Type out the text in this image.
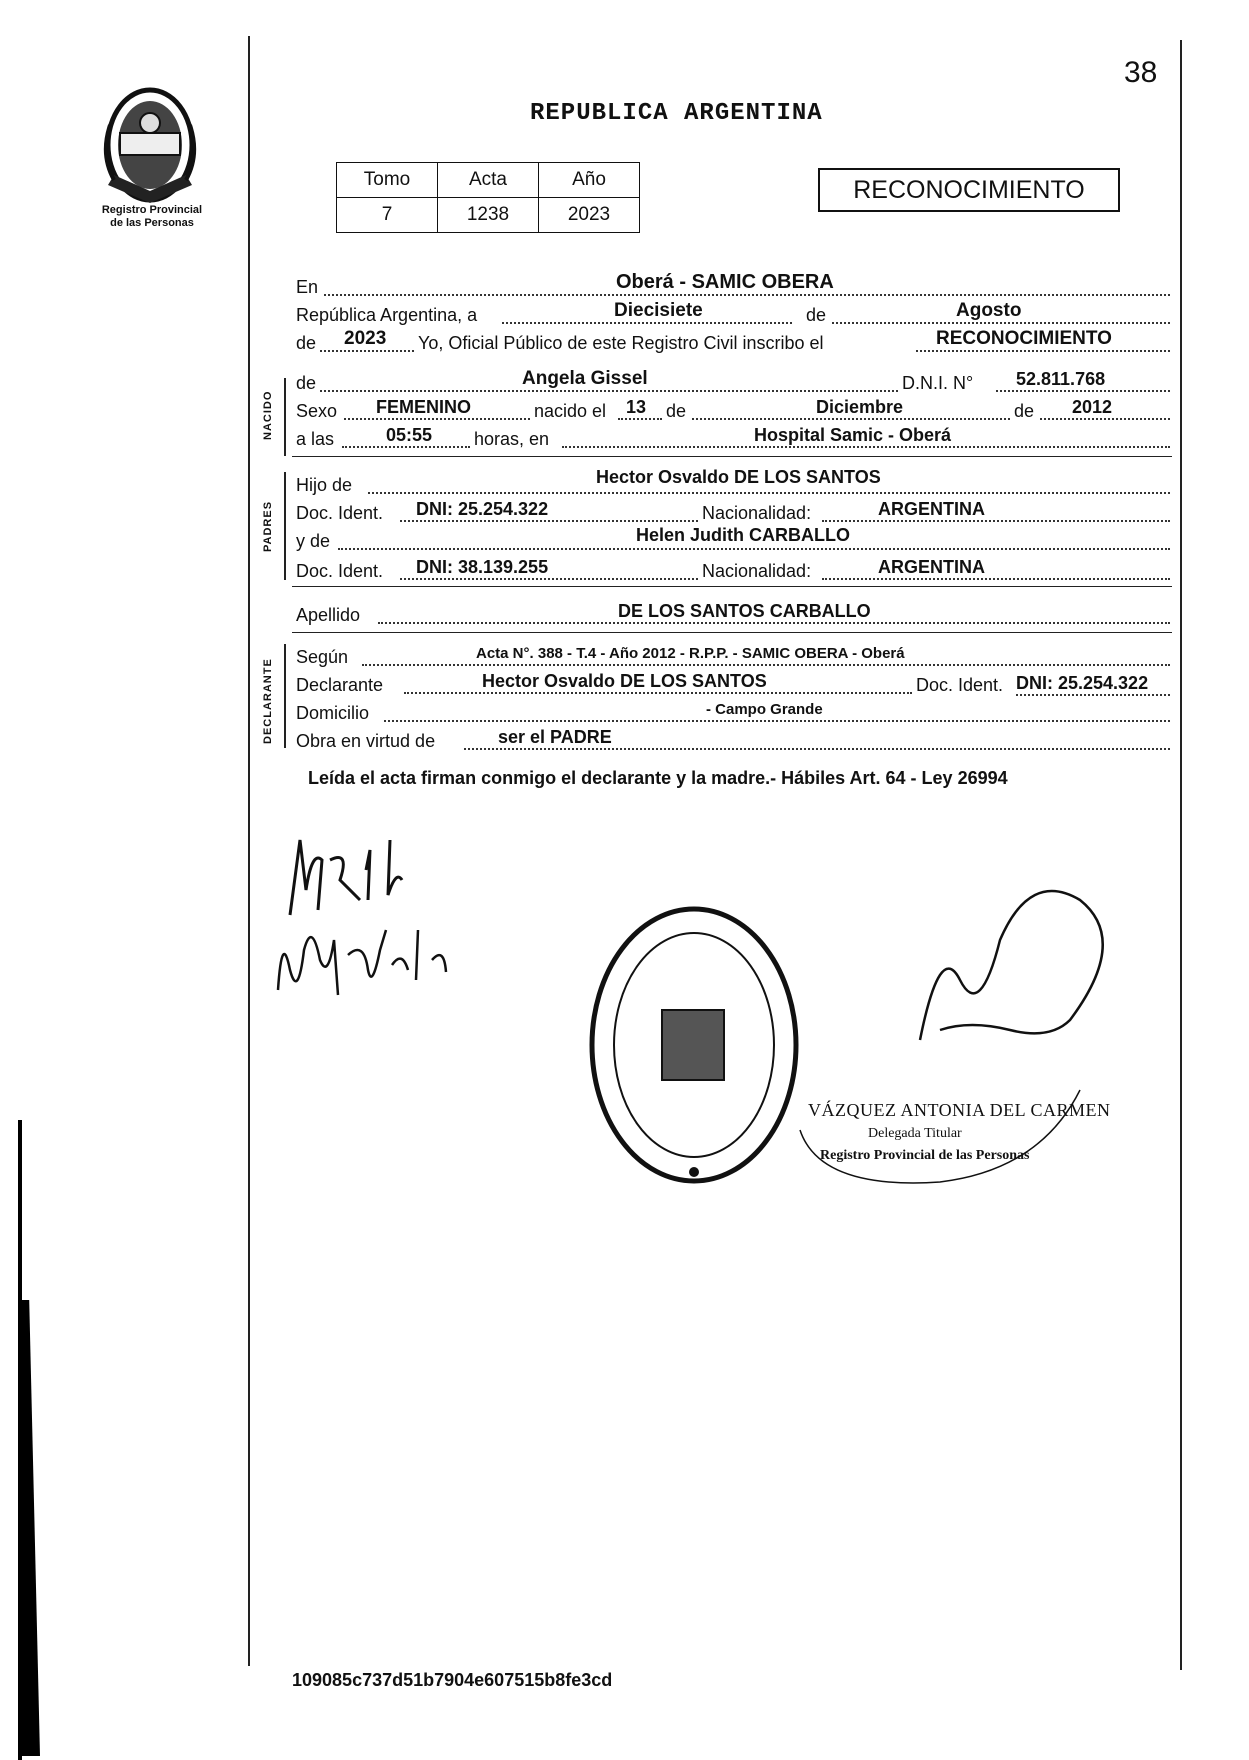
Registro Provincial
de las Personas
38
REPUBLICA ARGENTINA
Tomo	Acta	Año
7	1238	2023
RECONOCIMIENTO
En	Oberá - SAMIC OBERA
República Argentina, a	Diecisiete	de	Agosto
de 2023 Yo, Oficial Público de este Registro Civil inscribo el	RECONOCIMIENTO
NACIDO
de	Angela Gissel	D.N.I. N° 52.811.768
Sexo FEMENINO	nacido el 13 de	Diciembre	de 2012
a las	05:55 horas, en	Hospital Samic - Oberá
PADRES
Hijo de	Hector Osvaldo DE LOS SANTOS
Doc. Ident. DNI: 25.254.322	Nacionalidad:	ARGENTINA
y de	Helen Judith CARBALLO
Doc. Ident. DNI: 38.139.255	Nacionalidad:	ARGENTINA
Apellido	DE LOS SANTOS CARBALLO
DECLARANTE
Según	Acta N°. 388 - T.4 - Año 2012 - R.P.P. - SAMIC OBERA - Oberá
Declarante	Hector Osvaldo DE LOS SANTOS	Doc. Ident. DNI: 25.254.322
Domicilio	- Campo Grande
Obra en virtud de	ser el PADRE
Leída el acta firman conmigo el declarante y la madre.- Hábiles Art. 64 - Ley 26994
VÁZQUEZ ANTONIA DEL CARMEN
Delegada Titular
Registro Provincial de las Personas
109085c737d51b7904e607515b8fe3cd
